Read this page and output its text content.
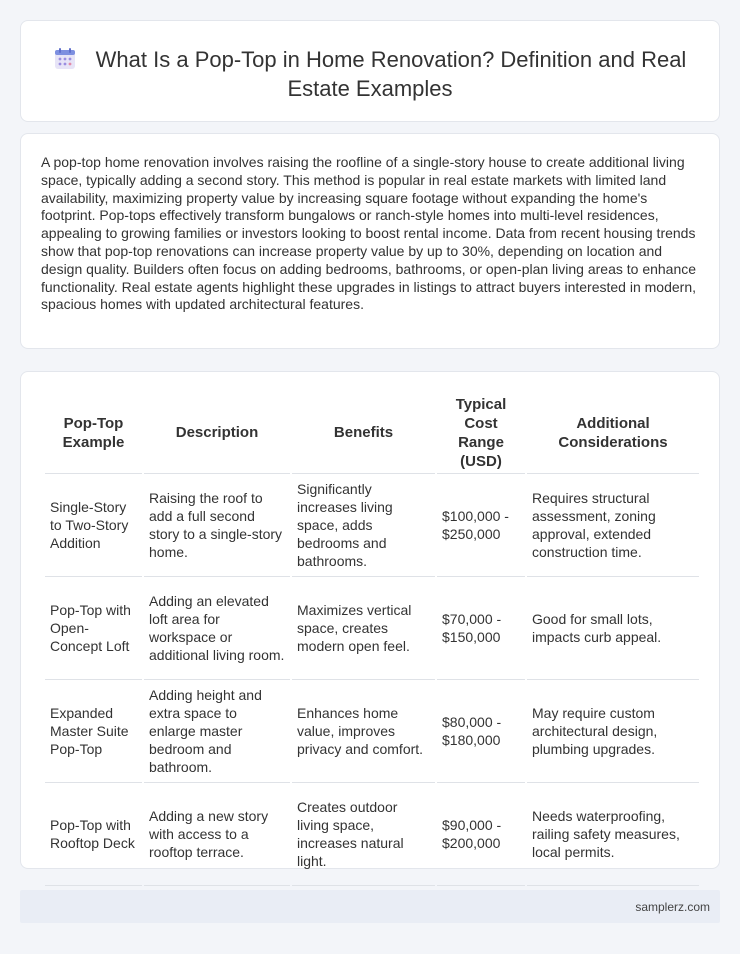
What Is a Pop-Top in Home Renovation? Definition and Real Estate Examples

A pop-top home renovation involves raising the roofline of a single-story house to create additional living space, typically adding a second story. This method is popular in real estate markets with limited land availability, maximizing property value by increasing square footage without expanding the home's footprint. Pop-tops effectively transform bungalows or ranch-style homes into multi-level residences, appealing to growing families or investors looking to boost rental income. Data from recent housing trends show that pop-top renovations can increase property value by up to 30%, depending on location and design quality. Builders often focus on adding bedrooms, bathrooms, or open-plan living areas to enhance functionality. Real estate agents highlight these upgrades in listings to attract buyers interested in modern, spacious homes with updated architectural features.

Pop-Top Example	Description	Benefits	Typical Cost Range (USD)	Additional Considerations
Single-Story to Two-Story Addition	Raising the roof to add a full second story to a single-story home.	Significantly increases living space, adds bedrooms and bathrooms.	$100,000 - $250,000	Requires structural assessment, zoning approval, extended construction time.
Pop-Top with Open-Concept Loft	Adding an elevated loft area for workspace or additional living room.	Maximizes vertical space, creates modern open feel.	$70,000 - $150,000	Good for small lots, impacts curb appeal.
Expanded Master Suite Pop-Top	Adding height and extra space to enlarge master bedroom and bathroom.	Enhances home value, improves privacy and comfort.	$80,000 - $180,000	May require custom architectural design, plumbing upgrades.
Pop-Top with Rooftop Deck	Adding a new story with access to a rooftop terrace.	Creates outdoor living space, increases natural light.	$90,000 - $200,000	Needs waterproofing, railing safety measures, local permits.
samplerz.com
